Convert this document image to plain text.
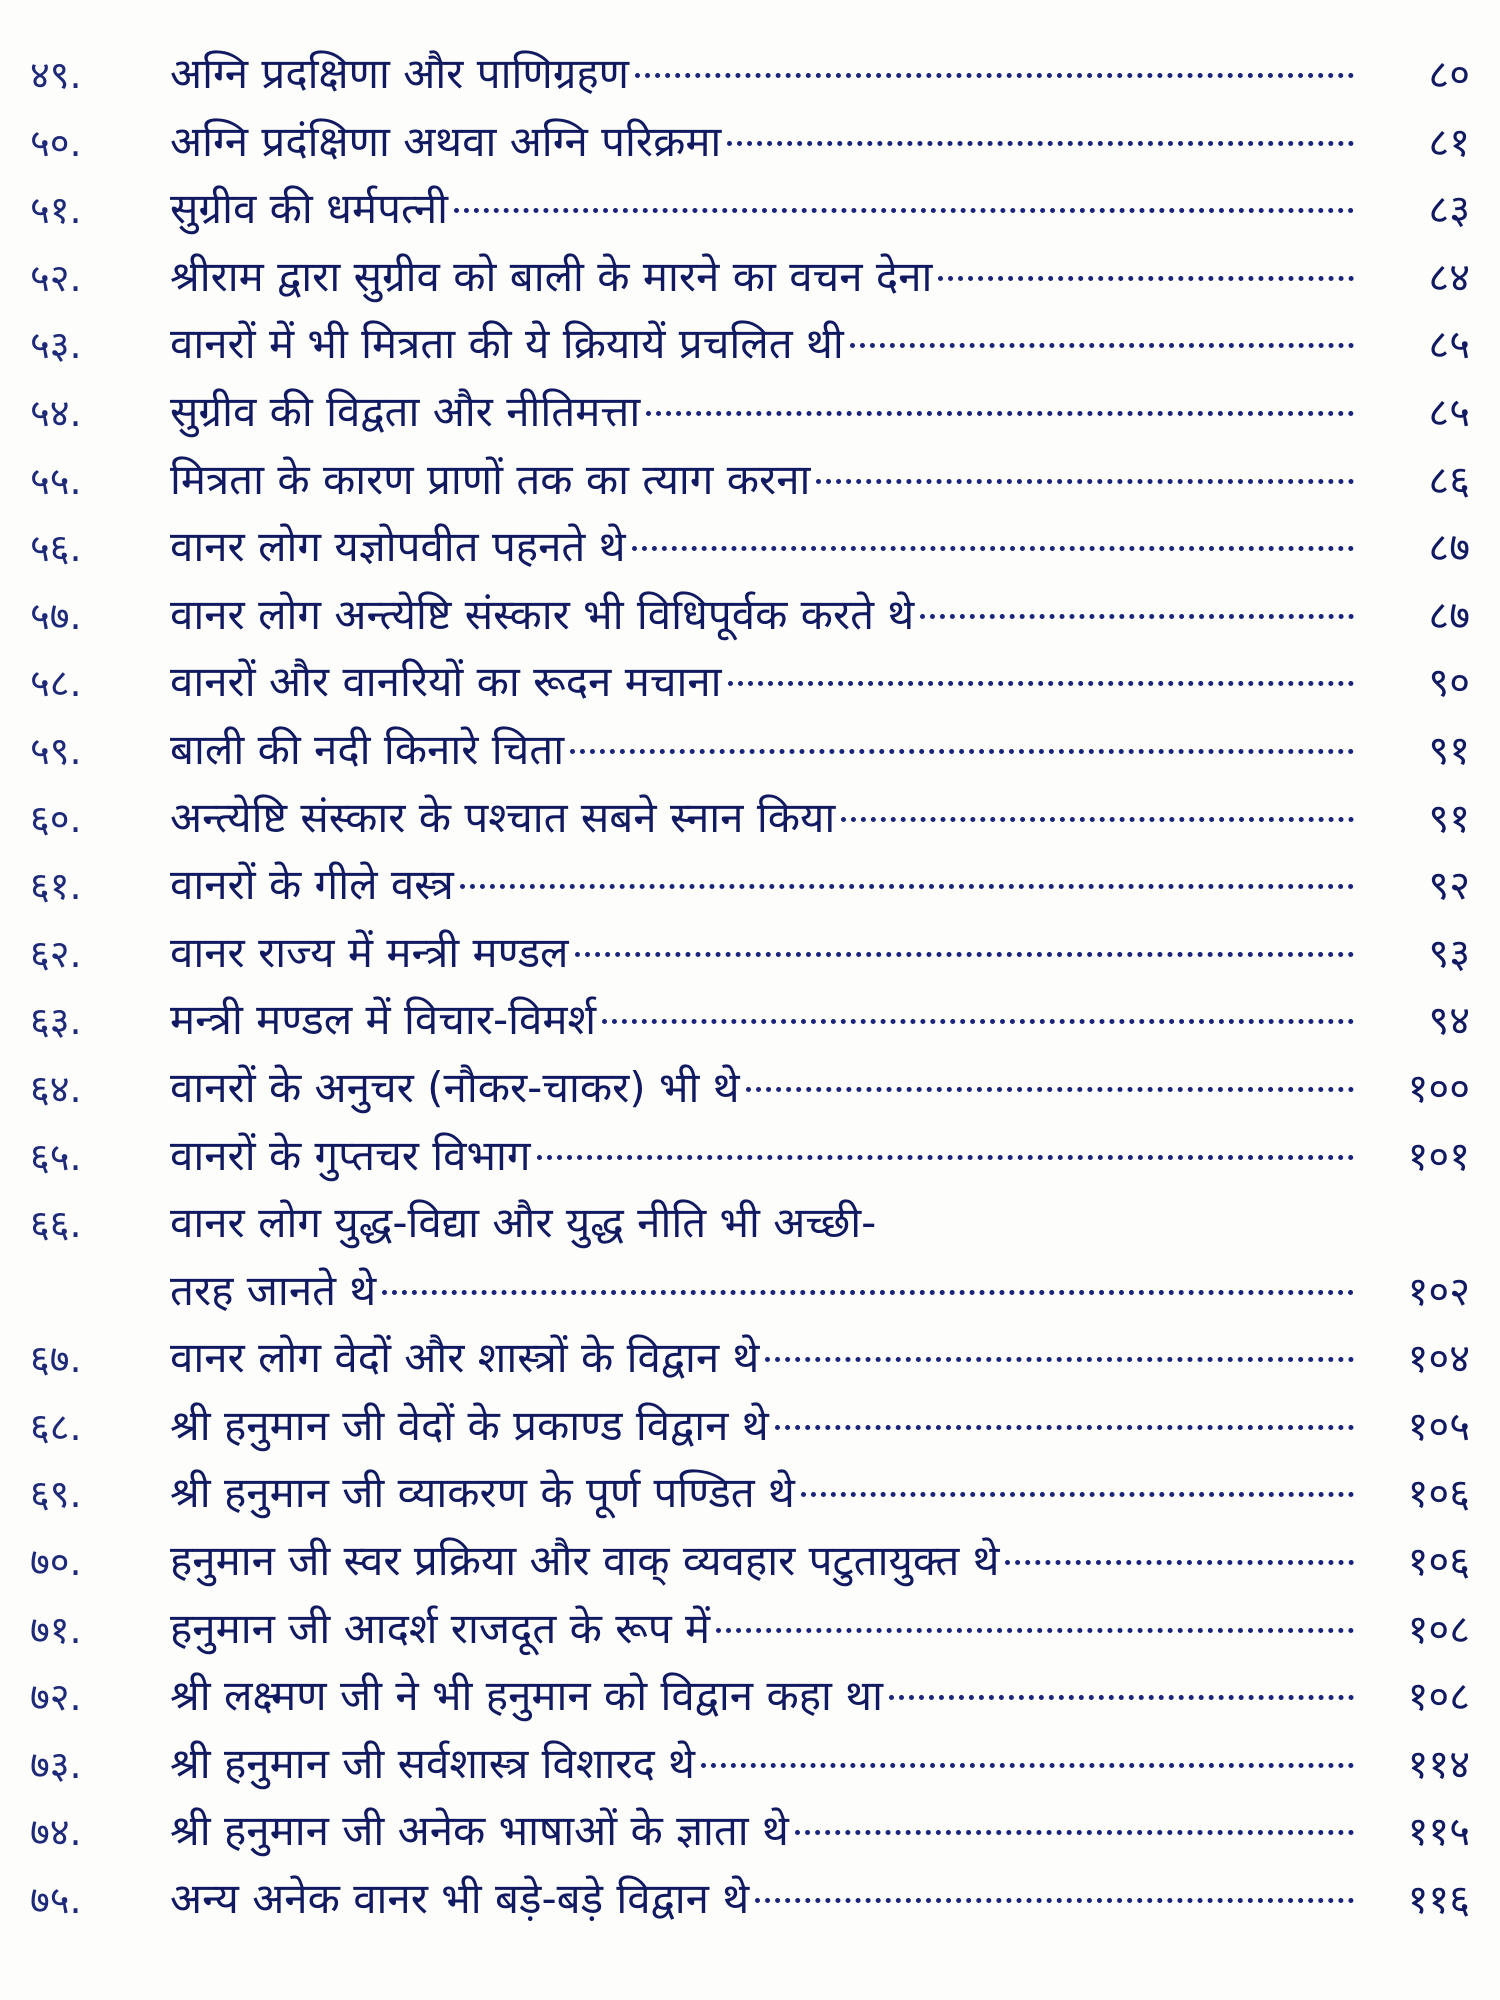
४९.	अग्नि प्रदक्षिणा और पाणिग्रहण	८०
५०.	अग्नि प्रदंक्षिणा अथवा अग्नि परिक्रमा	८१
५१.	सुग्रीव की धर्मपत्नी	८३
५२.	श्रीराम द्वारा सुग्रीव को बाली के मारने का वचन देना	८४
५३.	वानरों में भी मित्रता की ये क्रियायें प्रचलित थी	८५
५४.	सुग्रीव की विद्वता और नीतिमत्ता	८५
५५.	मित्रता के कारण प्राणों तक का त्याग करना	८६
५६.	वानर लोग यज्ञोपवीत पहनते थे	८७
५७.	वानर लोग अन्त्येष्टि संस्कार भी विधिपूर्वक करते थे	८७
५८.	वानरों और वानरियों का रूदन मचाना	९०
५९.	बाली की नदी किनारे चिता	९१
६०.	अन्त्येष्टि संस्कार के पश्चात सबने स्नान किया	९१
६१.	वानरों के गीले वस्त्र	९२
६२.	वानर राज्य में मन्त्री मण्डल	९३
६३.	मन्त्री मण्डल में विचार-विमर्श	९४
६४.	वानरों के अनुचर (नौकर-चाकर) भी थे	१००
६५.	वानरों के गुप्तचर विभाग	१०१
६६.	वानर लोग युद्ध-विद्या और युद्ध नीति भी अच्छी-
तरह जानते थे	१०२
६७.	वानर लोग वेदों और शास्त्रों के विद्वान थे	१०४
६८.	श्री हनुमान जी वेदों के प्रकाण्ड विद्वान थे	१०५
६९.	श्री हनुमान जी व्याकरण के पूर्ण पण्डित थे	१०६
७०.	हनुमान जी स्वर प्रक्रिया और वाक् व्यवहार पटुतायुक्त थे	१०६
७१.	हनुमान जी आदर्श राजदूत के रूप में	१०८
७२.	श्री लक्ष्मण जी ने भी हनुमान को विद्वान कहा था	१०८
७३.	श्री हनुमान जी सर्वशास्त्र विशारद थे	११४
७४.	श्री हनुमान जी अनेक भाषाओं के ज्ञाता थे	११५
७५.	अन्य अनेक वानर भी बड़े-बड़े विद्वान थे	११६
